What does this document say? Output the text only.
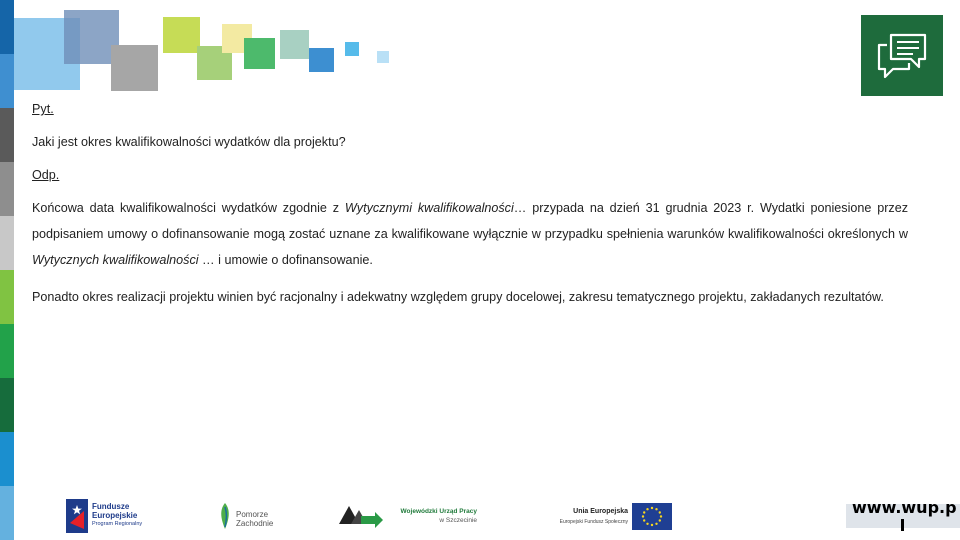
Pyt.

Jaki jest okres kwalifikowalności wydatków dla projektu?

Odp.

Końcowa data kwalifikowalności wydatków zgodnie z Wytycznymi kwalifikowalności… przypada na dzień 31 grudnia 2023 r. Wydatki poniesione przez podpisaniem umowy o dofinansowanie mogą zostać uznane za kwalifikowane wyłącznie w przypadku spełnienia warunków kwalifikowalności określonych w Wytycznych kwalifikowalności … i umowie o dofinansowanie.

Ponadto okres realizacji projektu winien być racjonalny i adekwatny względem grupy docelowej, zakresu tematycznego projektu, zakładanych rezultatów.

Fundusze
Europejskie
Program Regionalny
Pomorze
Zachodnie
Wojewódzki Urząd Pracy
w Szczecinie
Unia Europejska
Europejski Fundusz Społeczny
www.wup.p
